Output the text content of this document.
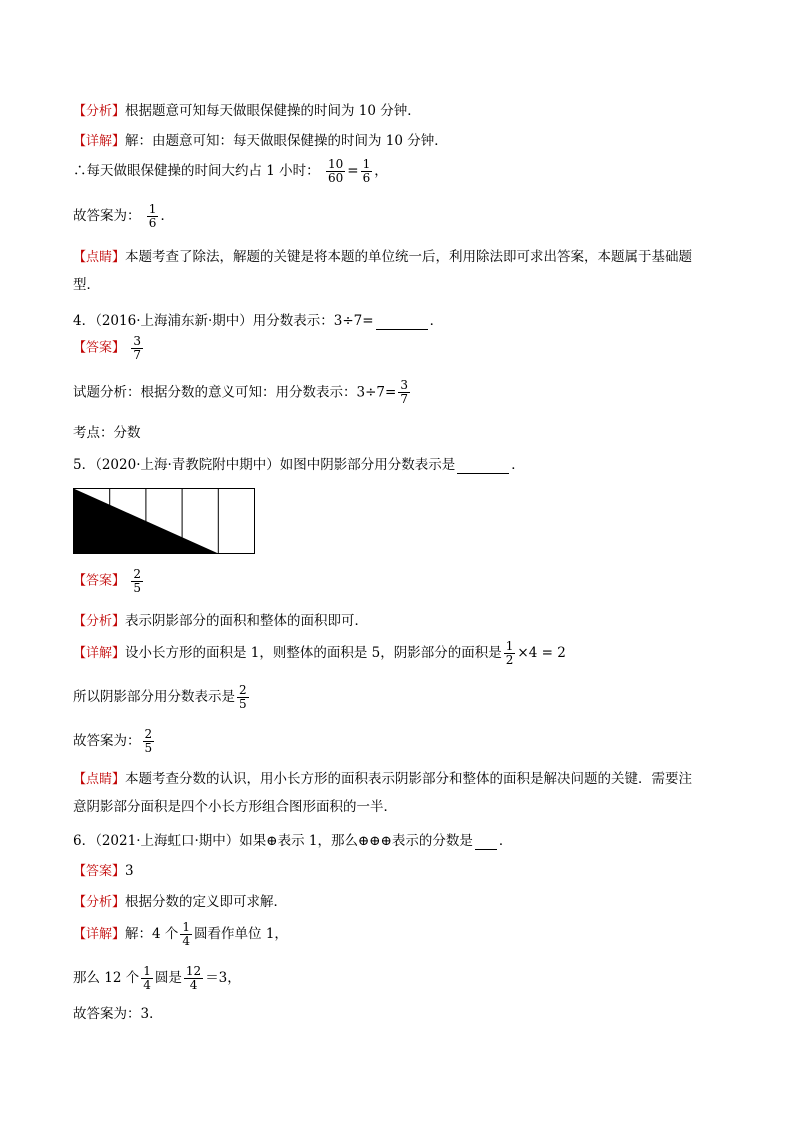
【分析】根据题意可知每天做眼保健操的时间为 10 分钟．
【详解】解：由题意可知：每天做眼保健操的时间为 10 分钟．
∴每天做眼保健操的时间大约占 1 小时： $\frac{10}{60} = \frac{1}{6}$ ，
故答案为： $\frac{1}{6}$ ．
【点睛】本题考查了除法，解题的关键是将本题的单位统一后，利用除法即可求出答案，本题属于基础题
型．
4．（2016·上海浦东新·期中）用分数表示：3÷7=	．
【答案】 $\frac{3}{7}$
试题分析：根据分数的意义可知：用分数表示：$3\div 7= \frac{3}{7}$
考点：分数
5．（2020·上海·青教院附中期中）如图中阴影部分用分数表示是	．
【答案】 $\frac{2}{5}$
【分析】表示阴影部分的面积和整体的面积即可．
【详解】设小长方形的面积是 1，则整体的面积是 5，阴影部分的面积是 $\frac{1}{2} \times 4 = 2$
所以阴影部分用分数表示是 $\frac{2}{5}$
故答案为： $\frac{2}{5}$
【点睛】本题考查分数的认识，用小长方形的面积表示阴影部分和整体的面积是解决问题的关键．需要注
意阴影部分面积是四个小长方形组合图形面积的一半．
6．（2021·上海虹口·期中）如果⊕表示 1，那么⊕⊕⊕表示的分数是 ．
【答案】3
【分析】根据分数的定义即可求解．
【详解】解：4 个 $\frac{1}{4}$ 圆看作单位 1，
那么 12 个 $\frac{1}{4}$ 圆是 $\frac{12}{4} =3$，
故答案为：3．
